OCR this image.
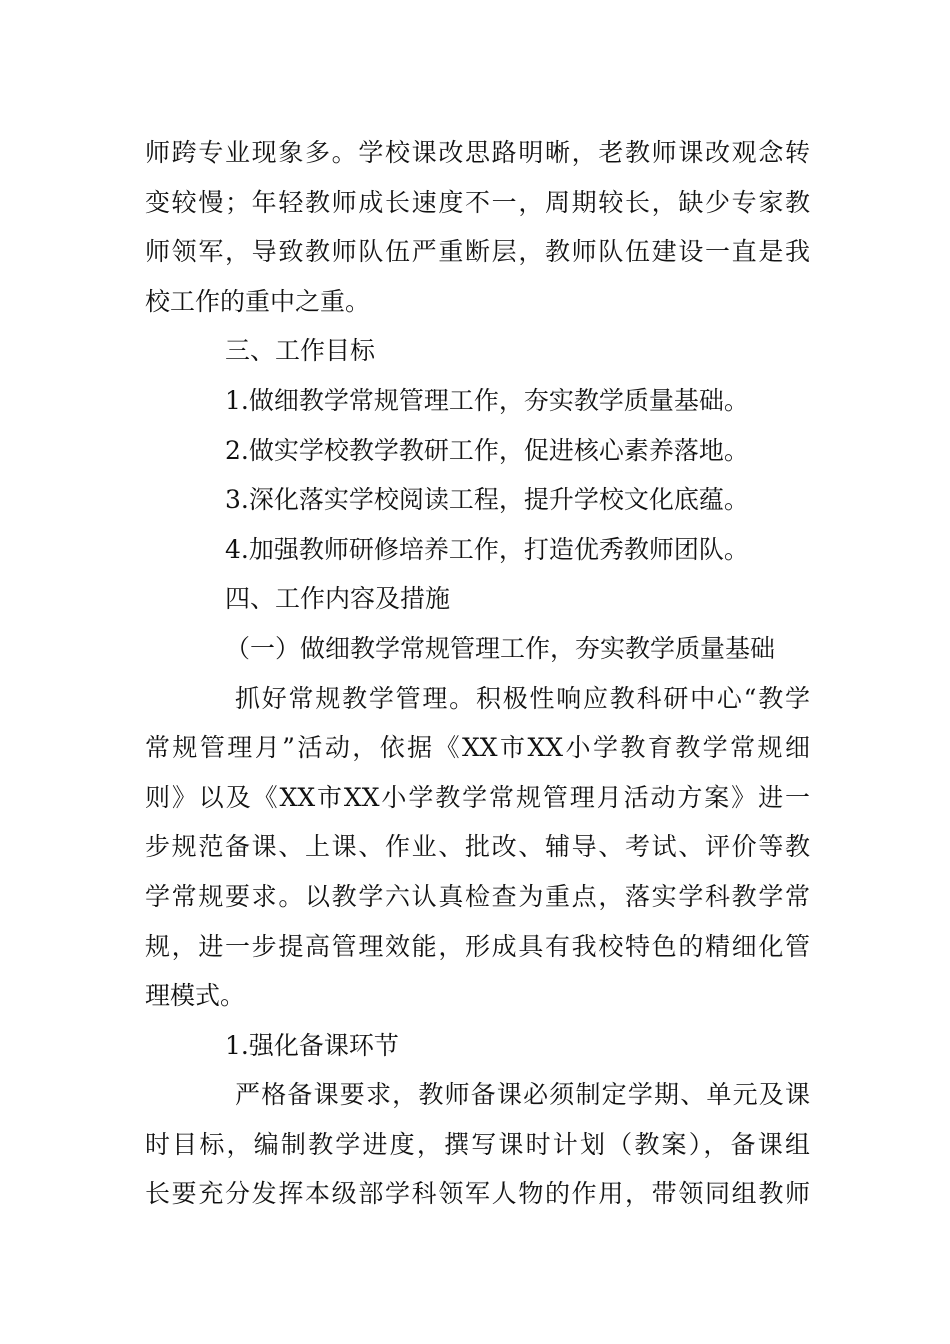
师跨专业现象多。学校课改思路明晰，老教师课改观念转
变较慢；年轻教师成长速度不一，周期较长，缺少专家教
师领军，导致教师队伍严重断层，教师队伍建设一直是我
校工作的重中之重。
三、工作目标
1.做细教学常规管理工作，夯实教学质量基础。
2.做实学校教学教研工作，促进核心素养落地。
3.深化落实学校阅读工程，提升学校文化底蕴。
4.加强教师研修培养工作，打造优秀教师团队。
四、工作内容及措施
（一）做细教学常规管理工作，夯实教学质量基础
抓好常规教学管理。积极性响应教科研中心“教学
常规管理月”活动，依据《XX市XX小学教育教学常规细
则》以及《XX市XX小学教学常规管理月活动方案》进一
步规范备课、上课、作业、批改、辅导、考试、评价等教
学常规要求。以教学六认真检查为重点，落实学科教学常
规，进一步提高管理效能，形成具有我校特色的精细化管
理模式。
1.强化备课环节
严格备课要求，教师备课必须制定学期、单元及课
时目标，编制教学进度，撰写课时计划（教案），备课组
长要充分发挥本级部学科领军人物的作用，带领同组教师
